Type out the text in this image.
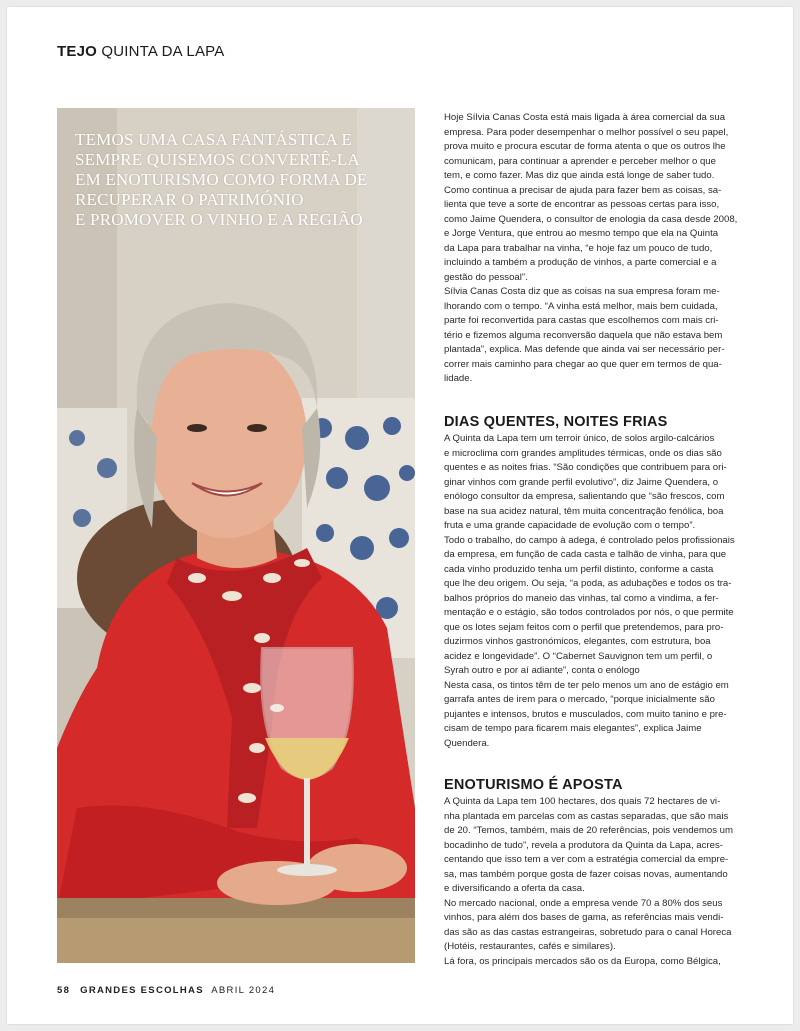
TEJO QUINTA DA LAPA
TEMOS UMA CASA FANTÁSTICA E
SEMPRE QUISEMOS CONVERTÊ-LA
EM ENOTURISMO COMO FORMA DE
RECUPERAR O PATRIMÓNIO
E PROMOVER O VINHO E A REGIÃO
Hoje Sílvia Canas Costa está mais ligada à área comercial da sua
empresa. Para poder desempenhar o melhor possível o seu papel,
prova muito e procura escutar de forma atenta o que os outros lhe
comunicam, para continuar a aprender e perceber melhor o que
tem, e como fazer. Mas diz que ainda está longe de saber tudo.
Como continua a precisar de ajuda para fazer bem as coisas, sa-
lienta que teve a sorte de encontrar as pessoas certas para isso,
como Jaime Quendera, o consultor de enologia da casa desde 2008,
e Jorge Ventura, que entrou ao mesmo tempo que ela na Quinta
da Lapa para trabalhar na vinha, “e hoje faz um pouco de tudo,
incluindo a também a produção de vinhos, a parte comercial e a
gestão do pessoal”.
Sílvia Canas Costa diz que as coisas na sua empresa foram me-
lhorando com o tempo. “A vinha está melhor, mais bem cuidada,
parte foi reconvertida para castas que escolhemos com mais cri-
tério e fizemos alguma reconversão daquela que não estava bem
plantada”, explica. Mas defende que ainda vai ser necessário per-
correr mais caminho para chegar ao que quer em termos de qua-
lidade.
DIAS QUENTES, NOITES FRIAS
A Quinta da Lapa tem um terroir único, de solos argilo-calcários
e microclima com grandes amplitudes térmicas, onde os dias são
quentes e as noites frias. “São condições que contribuem para ori-
ginar vinhos com grande perfil evolutivo”, diz Jaime Quendera, o
enólogo consultor da empresa, salientando que “são frescos, com
base na sua acidez natural, têm muita concentração fenólica, boa
fruta e uma grande capacidade de evolução com o tempo”.
Todo o trabalho, do campo à adega, é controlado pelos profissionais
da empresa, em função de cada casta e talhão de vinha, para que
cada vinho produzido tenha um perfil distinto, conforme a casta
que lhe deu origem. Ou seja, “a poda, as adubações e todos os tra-
balhos próprios do maneio das vinhas, tal como a vindima, a fer-
mentação e o estágio, são todos controlados por nós, o que permite
que os lotes sejam feitos com o perfil que pretendemos, para pro-
duzirmos vinhos gastronómicos, elegantes, com estrutura, boa
acidez e longevidade”. O “Cabernet Sauvignon tem um perfil, o
Syrah outro e por aí adiante”, conta o enólogo
Nesta casa, os tintos têm de ter pelo menos um ano de estágio em
garrafa antes de irem para o mercado, “porque inicialmente são
pujantes e intensos, brutos e musculados, com muito tanino e pre-
cisam de tempo para ficarem mais elegantes”, explica Jaime
Quendera.
ENOTURISMO É APOSTA
A Quinta da Lapa tem 100 hectares, dos quais 72 hectares de vi-
nha plantada em parcelas com as castas separadas, que são mais
de 20. “Temos, também, mais de 20 referências, pois vendemos um
bocadinho de tudo”, revela a produtora da Quinta da Lapa, acres-
centando que isso tem a ver com a estratégia comercial da empre-
sa, mas também porque gosta de fazer coisas novas, aumentando
e diversificando a oferta da casa.
No mercado nacional, onde a empresa vende 70 a 80% dos seus
vinhos, para além dos bases de gama, as referências mais vendi-
das são as das castas estrangeiras, sobretudo para o canal Horeca
(Hotéis, restaurantes, cafés e similares).
Lá fora, os principais mercados são os da Europa, como Bélgica,
58 GRANDES ESCOLHAS ABRIL 2024
